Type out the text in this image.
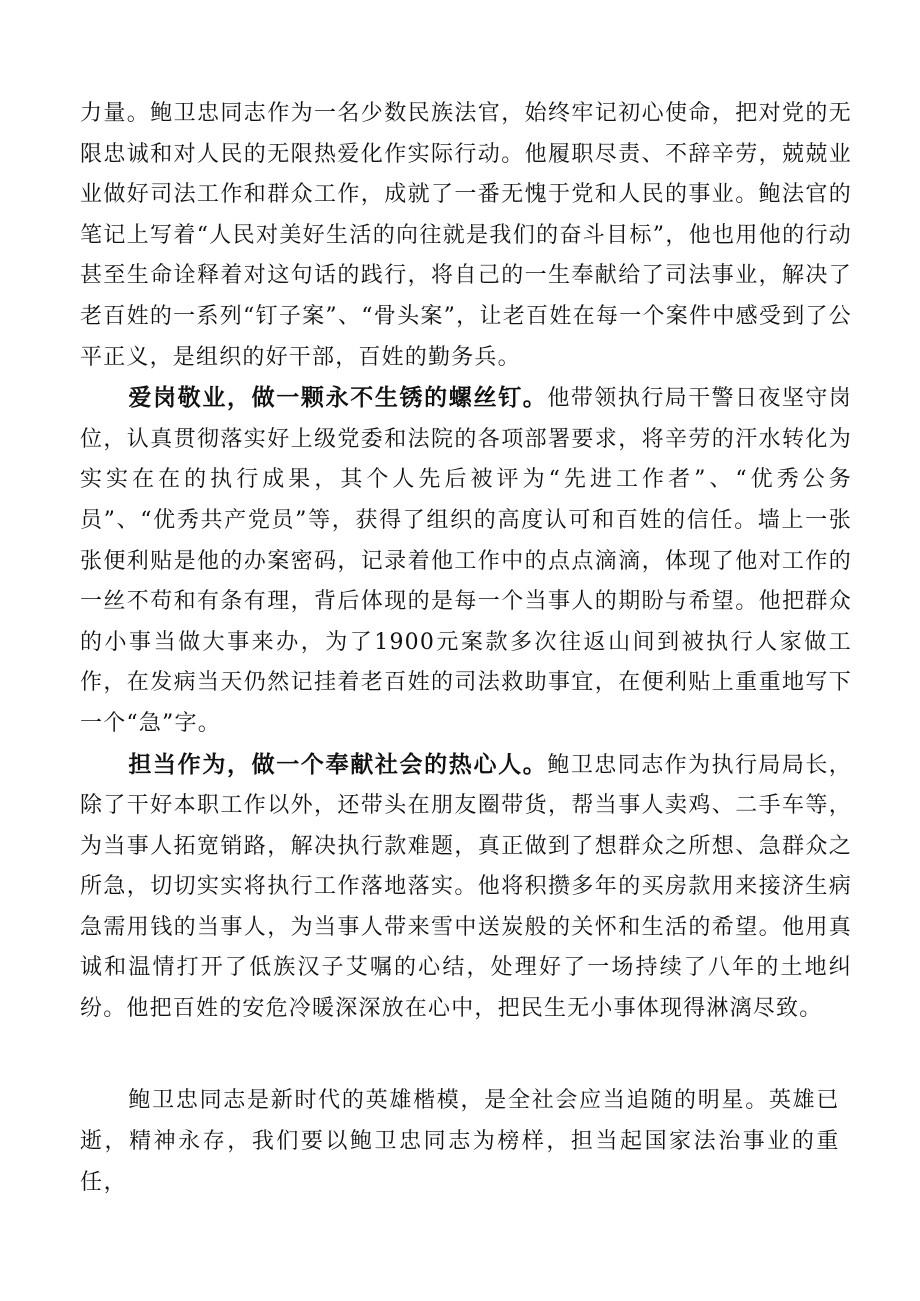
力量。鲍卫忠同志作为一名少数民族法官，始终牢记初心使命，把对党的无限忠诚和对人民的无限热爱化作实际行动。他履职尽责、不辞辛劳，兢兢业业做好司法工作和群众工作，成就了一番无愧于党和人民的事业。鲍法官的笔记上写着“人民对美好生活的向往就是我们的奋斗目标”，他也用他的行动甚至生命诠释着对这句话的践行，将自己的一生奉献给了司法事业，解决了老百姓的一系列“钉子案”、“骨头案”，让老百姓在每一个案件中感受到了公平正义，是组织的好干部，百姓的勤务兵。

爱岗敬业，做一颗永不生锈的螺丝钉。他带领执行局干警日夜坚守岗位，认真贯彻落实好上级党委和法院的各项部署要求，将辛劳的汗水转化为实实在在的执行成果，其个人先后被评为“先进工作者”、“优秀公务员”、“优秀共产党员”等，获得了组织的高度认可和百姓的信任。墙上一张张便利贴是他的办案密码，记录着他工作中的点点滴滴，体现了他对工作的一丝不苟和有条有理，背后体现的是每一个当事人的期盼与希望。他把群众的小事当做大事来办，为了1900元案款多次往返山间到被执行人家做工作，在发病当天仍然记挂着老百姓的司法救助事宜，在便利贴上重重地写下一个“急”字。

担当作为，做一个奉献社会的热心人。鲍卫忠同志作为执行局局长，除了干好本职工作以外，还带头在朋友圈带货，帮当事人卖鸡、二手车等，为当事人拓宽销路，解决执行款难题，真正做到了想群众之所想、急群众之所急，切切实实将执行工作落地落实。他将积攒多年的买房款用来接济生病急需用钱的当事人，为当事人带来雪中送炭般的关怀和生活的希望。他用真诚和温情打开了低族汉子艾嘱的心结，处理好了一场持续了八年的土地纠纷。他把百姓的安危冷暖深深放在心中，把民生无小事体现得淋漓尽致。

鲍卫忠同志是新时代的英雄楷模，是全社会应当追随的明星。英雄已逝，精神永存，我们要以鲍卫忠同志为榜样，担当起国家法治事业的重任，
